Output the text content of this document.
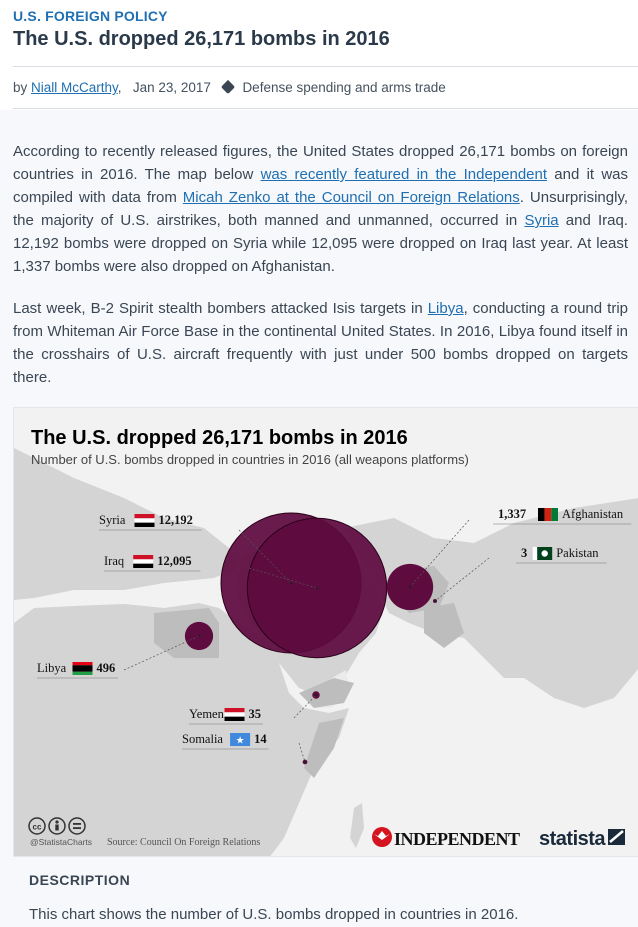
U.S. FOREIGN POLICY
The U.S. dropped 26,171 bombs in 2016
by Niall McCarthy, Jan 23, 2017 Defense spending and arms trade
According to recently released figures, the United States dropped 26,171 bombs on foreign countries in 2016. The map below was recently featured in the Independent and it was compiled with data from Micah Zenko at the Council on Foreign Relations. Unsurprisingly, the majority of U.S. airstrikes, both manned and unmanned, occurred in Syria and Iraq. 12,192 bombs were dropped on Syria while 12,095 were dropped on Iraq last year. At least 1,337 bombs were also dropped on Afghanistan.
Last week, B-2 Spirit stealth bombers attacked Isis targets in Libya, conducting a round trip from Whiteman Air Force Base in the continental United States. In 2016, Libya found itself in the crosshairs of U.S. aircraft frequently with just under 500 bombs dropped on targets there.
Syria	12,192
Iraq	12,095
1,337	Afghanistan
3 Pakistan
Libya 496
Yemen 35
Somalia ★ 14
The U.S. dropped 26,171 bombs in 2016
Number of U.S. bombs dropped in countries in 2016 (all weapons platforms)
cc
@StatistaCharts Source: Council On Foreign Relations	INDEPENDENT statista
DESCRIPTION
This chart shows the number of U.S. bombs dropped in countries in 2016.
